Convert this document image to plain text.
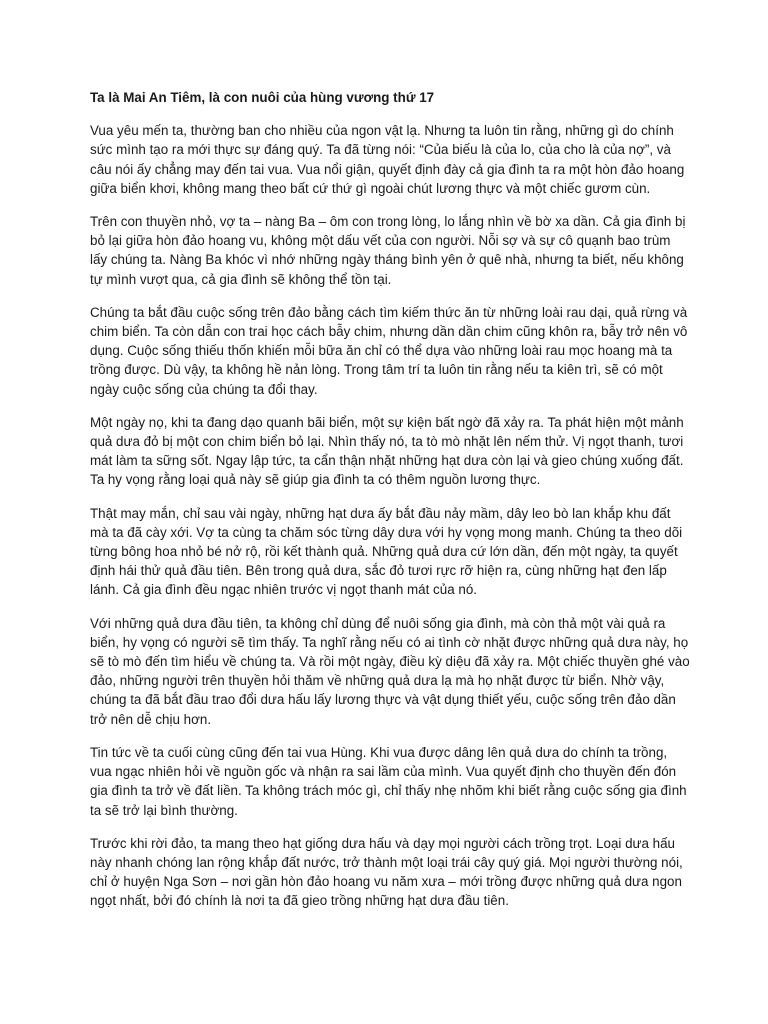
Ta là Mai An Tiêm, là con nuôi của hùng vương thứ 17

Vua yêu mến ta, thường ban cho nhiều của ngon vật lạ. Nhưng ta luôn tin rằng, những gì do chính sức mình tạo ra mới thực sự đáng quý. Ta đã từng nói: “Của biếu là của lo, của cho là của nợ”, và câu nói ấy chẳng may đến tai vua. Vua nổi giận, quyết định đày cả gia đình ta ra một hòn đảo hoang giữa biển khơi, không mang theo bất cứ thứ gì ngoài chút lương thực và một chiếc gươm cùn.

Trên con thuyền nhỏ, vợ ta – nàng Ba – ôm con trong lòng, lo lắng nhìn về bờ xa dần. Cả gia đình bị bỏ lại giữa hòn đảo hoang vu, không một dấu vết của con người. Nỗi sợ và sự cô quạnh bao trùm lấy chúng ta. Nàng Ba khóc vì nhớ những ngày tháng bình yên ở quê nhà, nhưng ta biết, nếu không tự mình vượt qua, cả gia đình sẽ không thể tồn tại.

Chúng ta bắt đầu cuộc sống trên đảo bằng cách tìm kiếm thức ăn từ những loài rau dại, quả rừng và chim biển. Ta còn dẫn con trai học cách bẫy chim, nhưng dần dần chim cũng khôn ra, bẫy trở nên vô dụng. Cuộc sống thiếu thốn khiến mỗi bữa ăn chỉ có thể dựa vào những loài rau mọc hoang mà ta trồng được. Dù vậy, ta không hề nản lòng. Trong tâm trí ta luôn tin rằng nếu ta kiên trì, sẽ có một ngày cuộc sống của chúng ta đổi thay.

Một ngày nọ, khi ta đang dạo quanh bãi biển, một sự kiện bất ngờ đã xảy ra. Ta phát hiện một mảnh quả dưa đỏ bị một con chim biển bỏ lại. Nhìn thấy nó, ta tò mò nhặt lên nếm thử. Vị ngọt thanh, tươi mát làm ta sững sốt. Ngay lập tức, ta cẩn thận nhặt những hạt dưa còn lại và gieo chúng xuống đất. Ta hy vọng rằng loại quả này sẽ giúp gia đình ta có thêm nguồn lương thực.

Thật may mắn, chỉ sau vài ngày, những hạt dưa ấy bắt đầu nảy mầm, dây leo bò lan khắp khu đất mà ta đã cày xới. Vợ ta cùng ta chăm sóc từng dây dưa với hy vọng mong manh. Chúng ta theo dõi từng bông hoa nhỏ bé nở rộ, rồi kết thành quả. Những quả dưa cứ lớn dần, đến một ngày, ta quyết định hái thử quả đầu tiên. Bên trong quả dưa, sắc đỏ tươi rực rỡ hiện ra, cùng những hạt đen lấp lánh. Cả gia đình đều ngạc nhiên trước vị ngọt thanh mát của nó.

Với những quả dưa đầu tiên, ta không chỉ dùng để nuôi sống gia đình, mà còn thả một vài quả ra biển, hy vọng có người sẽ tìm thấy. Ta nghĩ rằng nếu có ai tình cờ nhặt được những quả dưa này, họ sẽ tò mò đến tìm hiểu về chúng ta. Và rồi một ngày, điều kỳ diệu đã xảy ra. Một chiếc thuyền ghé vào đảo, những người trên thuyền hỏi thăm về những quả dưa lạ mà họ nhặt được từ biển. Nhờ vậy, chúng ta đã bắt đầu trao đổi dưa hấu lấy lương thực và vật dụng thiết yếu, cuộc sống trên đảo dần trở nên dễ chịu hơn.

Tin tức về ta cuối cùng cũng đến tai vua Hùng. Khi vua được dâng lên quả dưa do chính ta trồng, vua ngạc nhiên hỏi về nguồn gốc và nhận ra sai lầm của mình. Vua quyết định cho thuyền đến đón gia đình ta trở về đất liền. Ta không trách móc gì, chỉ thấy nhẹ nhõm khi biết rằng cuộc sống gia đình ta sẽ trở lại bình thường.

Trước khi rời đảo, ta mang theo hạt giống dưa hấu và dạy mọi người cách trồng trọt. Loại dưa hấu này nhanh chóng lan rộng khắp đất nước, trở thành một loại trái cây quý giá. Mọi người thường nói, chỉ ở huyện Nga Sơn – nơi gần hòn đảo hoang vu năm xưa – mới trồng được những quả dưa ngon ngọt nhất, bởi đó chính là nơi ta đã gieo trồng những hạt dưa đầu tiên.
